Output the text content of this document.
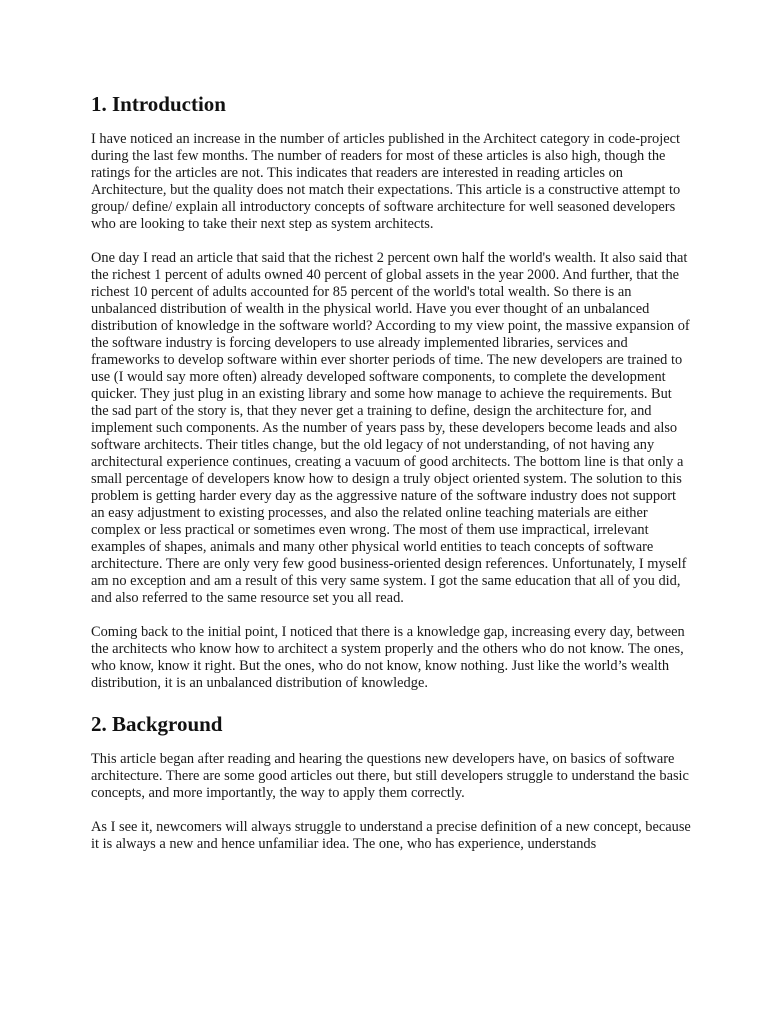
1. Introduction

I have noticed an increase in the number of articles published in the Architect category in code-project during the last few months. The number of readers for most of these articles is also high, though the ratings for the articles are not. This indicates that readers are interested in reading articles on Architecture, but the quality does not match their expectations. This article is a constructive attempt to group/ define/ explain all introductory concepts of software architecture for well seasoned developers who are looking to take their next step as system architects.

One day I read an article that said that the richest 2 percent own half the world's wealth. It also said that the richest 1 percent of adults owned 40 percent of global assets in the year 2000. And further, that the richest 10 percent of adults accounted for 85 percent of the world's total wealth. So there is an unbalanced distribution of wealth in the physical world. Have you ever thought of an unbalanced distribution of knowledge in the software world? According to my view point, the massive expansion of the software industry is forcing developers to use already implemented libraries, services and frameworks to develop software within ever shorter periods of time. The new developers are trained to use (I would say more often) already developed software components, to complete the development quicker. They just plug in an existing library and some how manage to achieve the requirements. But the sad part of the story is, that they never get a training to define, design the architecture for, and implement such components. As the number of years pass by, these developers become leads and also software architects. Their titles change, but the old legacy of not understanding, of not having any architectural experience continues, creating a vacuum of good architects. The bottom line is that only a small percentage of developers know how to design a truly object oriented system. The solution to this problem is getting harder every day as the aggressive nature of the software industry does not support an easy adjustment to existing processes, and also the related online teaching materials are either complex or less practical or sometimes even wrong. The most of them use impractical, irrelevant examples of shapes, animals and many other physical world entities to teach concepts of software architecture. There are only very few good business-oriented design references. Unfortunately, I myself am no exception and am a result of this very same system. I got the same education that all of you did, and also referred to the same resource set you all read.

Coming back to the initial point, I noticed that there is a knowledge gap, increasing every day, between the architects who know how to architect a system properly and the others who do not know. The ones, who know, know it right. But the ones, who do not know, know nothing. Just like the world’s wealth distribution, it is an unbalanced distribution of knowledge.

2. Background

This article began after reading and hearing the questions new developers have, on basics of software architecture. There are some good articles out there, but still developers struggle to understand the basic concepts, and more importantly, the way to apply them correctly.

As I see it, newcomers will always struggle to understand a precise definition of a new concept, because it is always a new and hence unfamiliar idea. The one, who has experience, understands
